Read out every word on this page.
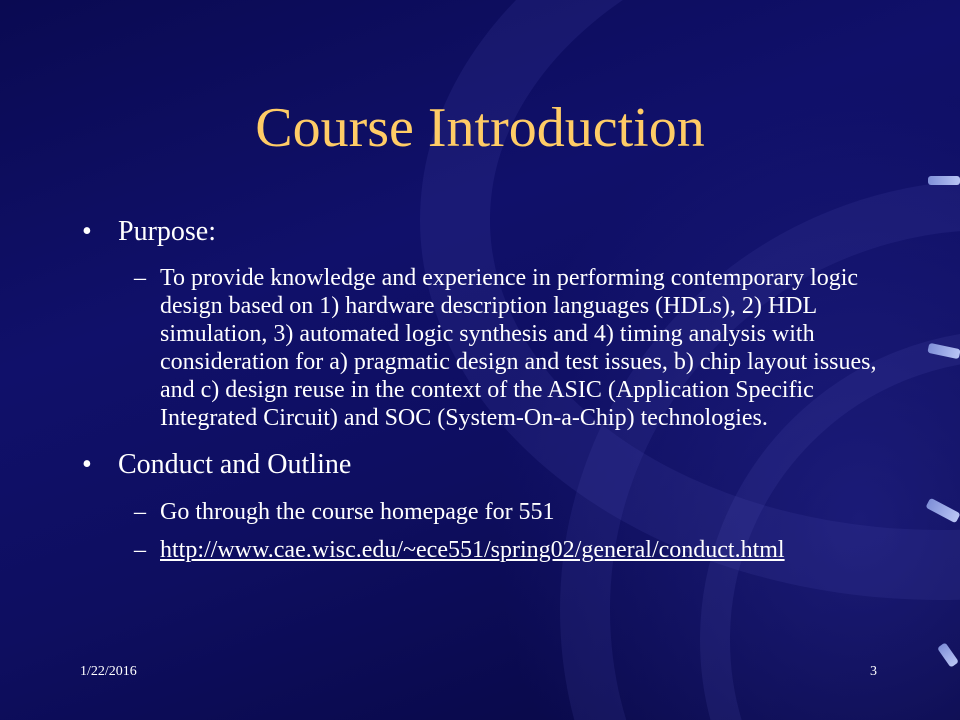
Course Introduction
• Purpose:
– To provide knowledge and experience in performing contemporary logic design based on 1) hardware description languages (HDLs), 2) HDL simulation, 3) automated logic synthesis and 4) timing analysis with consideration for a) pragmatic design and test issues, b) chip layout issues, and c) design reuse in the context of the ASIC (Application Specific Integrated Circuit) and SOC (System-On-a-Chip) technologies.
• Conduct and Outline
– Go through the course homepage for 551
– http://www.cae.wisc.edu/~ece551/spring02/general/conduct.html
1/22/2016	3
